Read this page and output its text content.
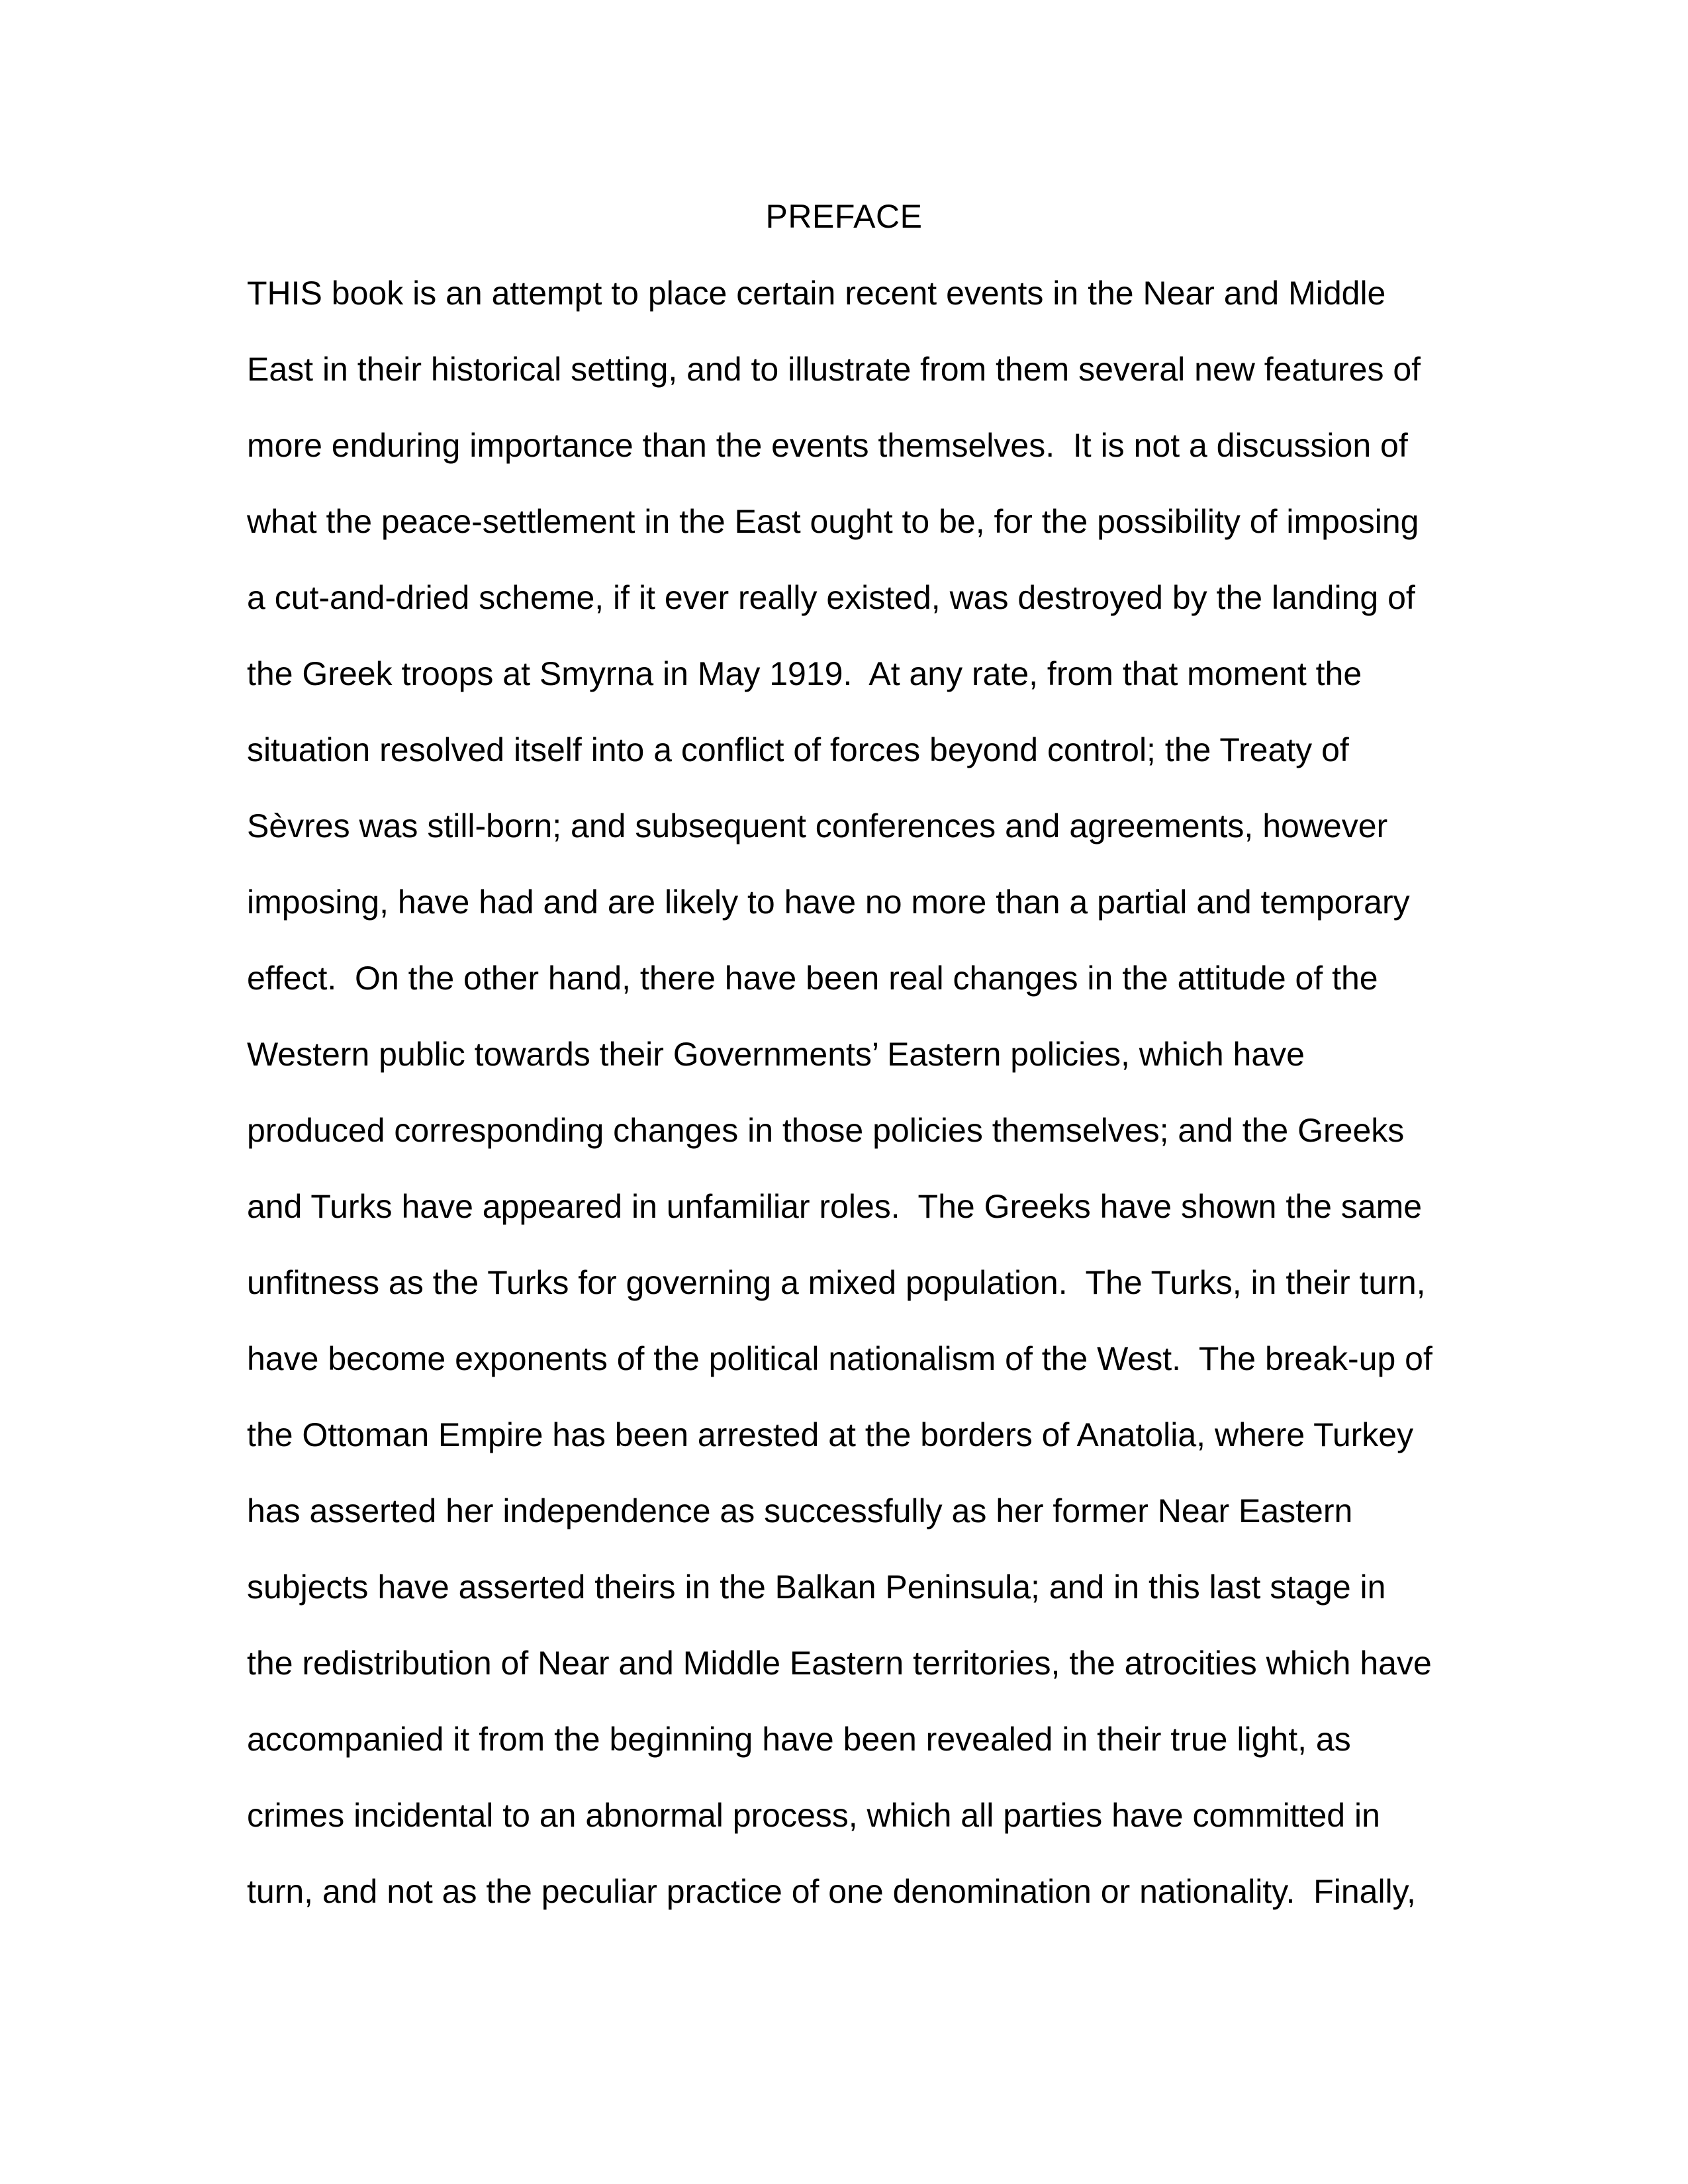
PREFACE
THIS book is an attempt to place certain recent events in the Near and Middle
East in their historical setting, and to illustrate from them several new features of
more enduring importance than the events themselves.  It is not a discussion of
what the peace-settlement in the East ought to be, for the possibility of imposing
a cut-and-dried scheme, if it ever really existed, was destroyed by the landing of
the Greek troops at Smyrna in May 1919.  At any rate, from that moment the
situation resolved itself into a conflict of forces beyond control; the Treaty of
Sèvres was still-born; and subsequent conferences and agreements, however
imposing, have had and are likely to have no more than a partial and temporary
effect.  On the other hand, there have been real changes in the attitude of the
Western public towards their Governments’ Eastern policies, which have
produced corresponding changes in those policies themselves; and the Greeks
and Turks have appeared in unfamiliar roles.  The Greeks have shown the same
unfitness as the Turks for governing a mixed population.  The Turks, in their turn,
have become exponents of the political nationalism of the West.  The break-up of
the Ottoman Empire has been arrested at the borders of Anatolia, where Turkey
has asserted her independence as successfully as her former Near Eastern
subjects have asserted theirs in the Balkan Peninsula; and in this last stage in
the redistribution of Near and Middle Eastern territories, the atrocities which have
accompanied it from the beginning have been revealed in their true light, as
crimes incidental to an abnormal process, which all parties have committed in
turn, and not as the peculiar practice of one denomination or nationality.  Finally,
